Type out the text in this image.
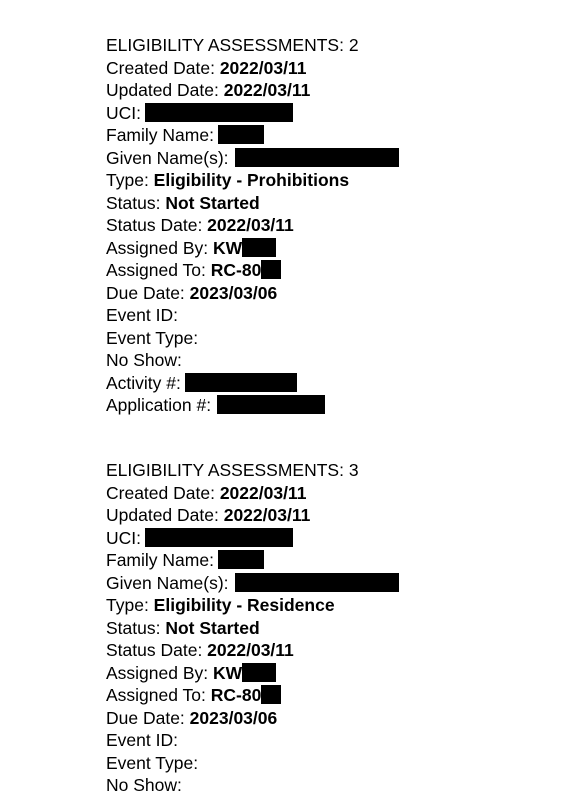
ELIGIBILITY ASSESSMENTS: 2
Created Date: 2022/03/11
Updated Date: 2022/03/11
UCI:
Family Name:
Given Name(s):
Type: Eligibility - Prohibitions
Status: Not Started
Status Date: 2022/03/11
Assigned By: KW
Assigned To: RC-80
Due Date: 2023/03/06
Event ID:
Event Type:
No Show:
Activity #:
Application #:
ELIGIBILITY ASSESSMENTS: 3
Created Date: 2022/03/11
Updated Date: 2022/03/11
UCI:
Family Name:
Given Name(s):
Type: Eligibility - Residence
Status: Not Started
Status Date: 2022/03/11
Assigned By: KW
Assigned To: RC-80
Due Date: 2023/03/06
Event ID:
Event Type:
No Show:
